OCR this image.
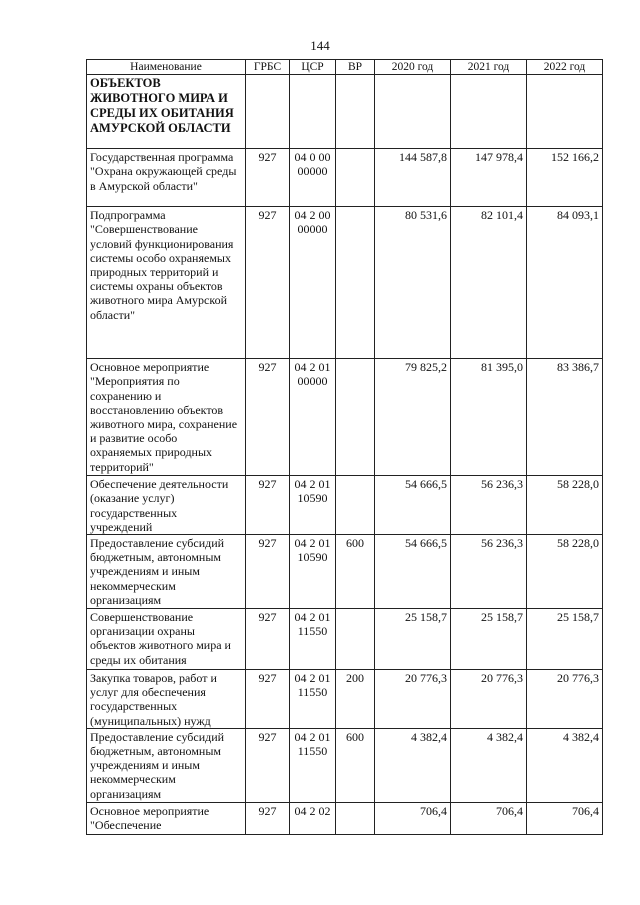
144
Наименование	ГРБС	ЦСР	ВР	2020 год	2021 год	2022 год
ОБЪЕКТОВ ЖИВОТНОГО МИРА И СРЕДЫ ИХ ОБИТАНИЯ АМУРСКОЙ ОБЛАСТИ						
Государственная программа "Охрана окружающей среды в Амурской области"	927	04 0 00 00000		144 587,8	147 978,4	152 166,2
Подпрограмма "Совершенствование условий функционирования системы особо охраняемых природных территорий и системы охраны объектов животного мира Амурской области"	927	04 2 00 00000		80 531,6	82 101,4	84 093,1
Основное мероприятие "Мероприятия по сохранению и восстановлению объектов животного мира, сохранение и развитие особо охраняемых природных территорий"	927	04 2 01 00000		79 825,2	81 395,0	83 386,7
Обеспечение деятельности (оказание услуг) государственных учреждений	927	04 2 01 10590		54 666,5	56 236,3	58 228,0
Предоставление субсидий бюджетным, автономным учреждениям и иным некоммерческим организациям	927	04 2 01 10590	600	54 666,5	56 236,3	58 228,0
Совершенствование организации охраны объектов животного мира и среды их обитания	927	04 2 01 11550		25 158,7	25 158,7	25 158,7
Закупка товаров, работ и услуг для обеспечения государственных (муниципальных) нужд	927	04 2 01 11550	200	20 776,3	20 776,3	20 776,3
Предоставление субсидий бюджетным, автономным учреждениям и иным некоммерческим организациям	927	04 2 01 11550	600	4 382,4	4 382,4	4 382,4
Основное мероприятие "Обеспечение	927	04 2 02		706,4	706,4	706,4
